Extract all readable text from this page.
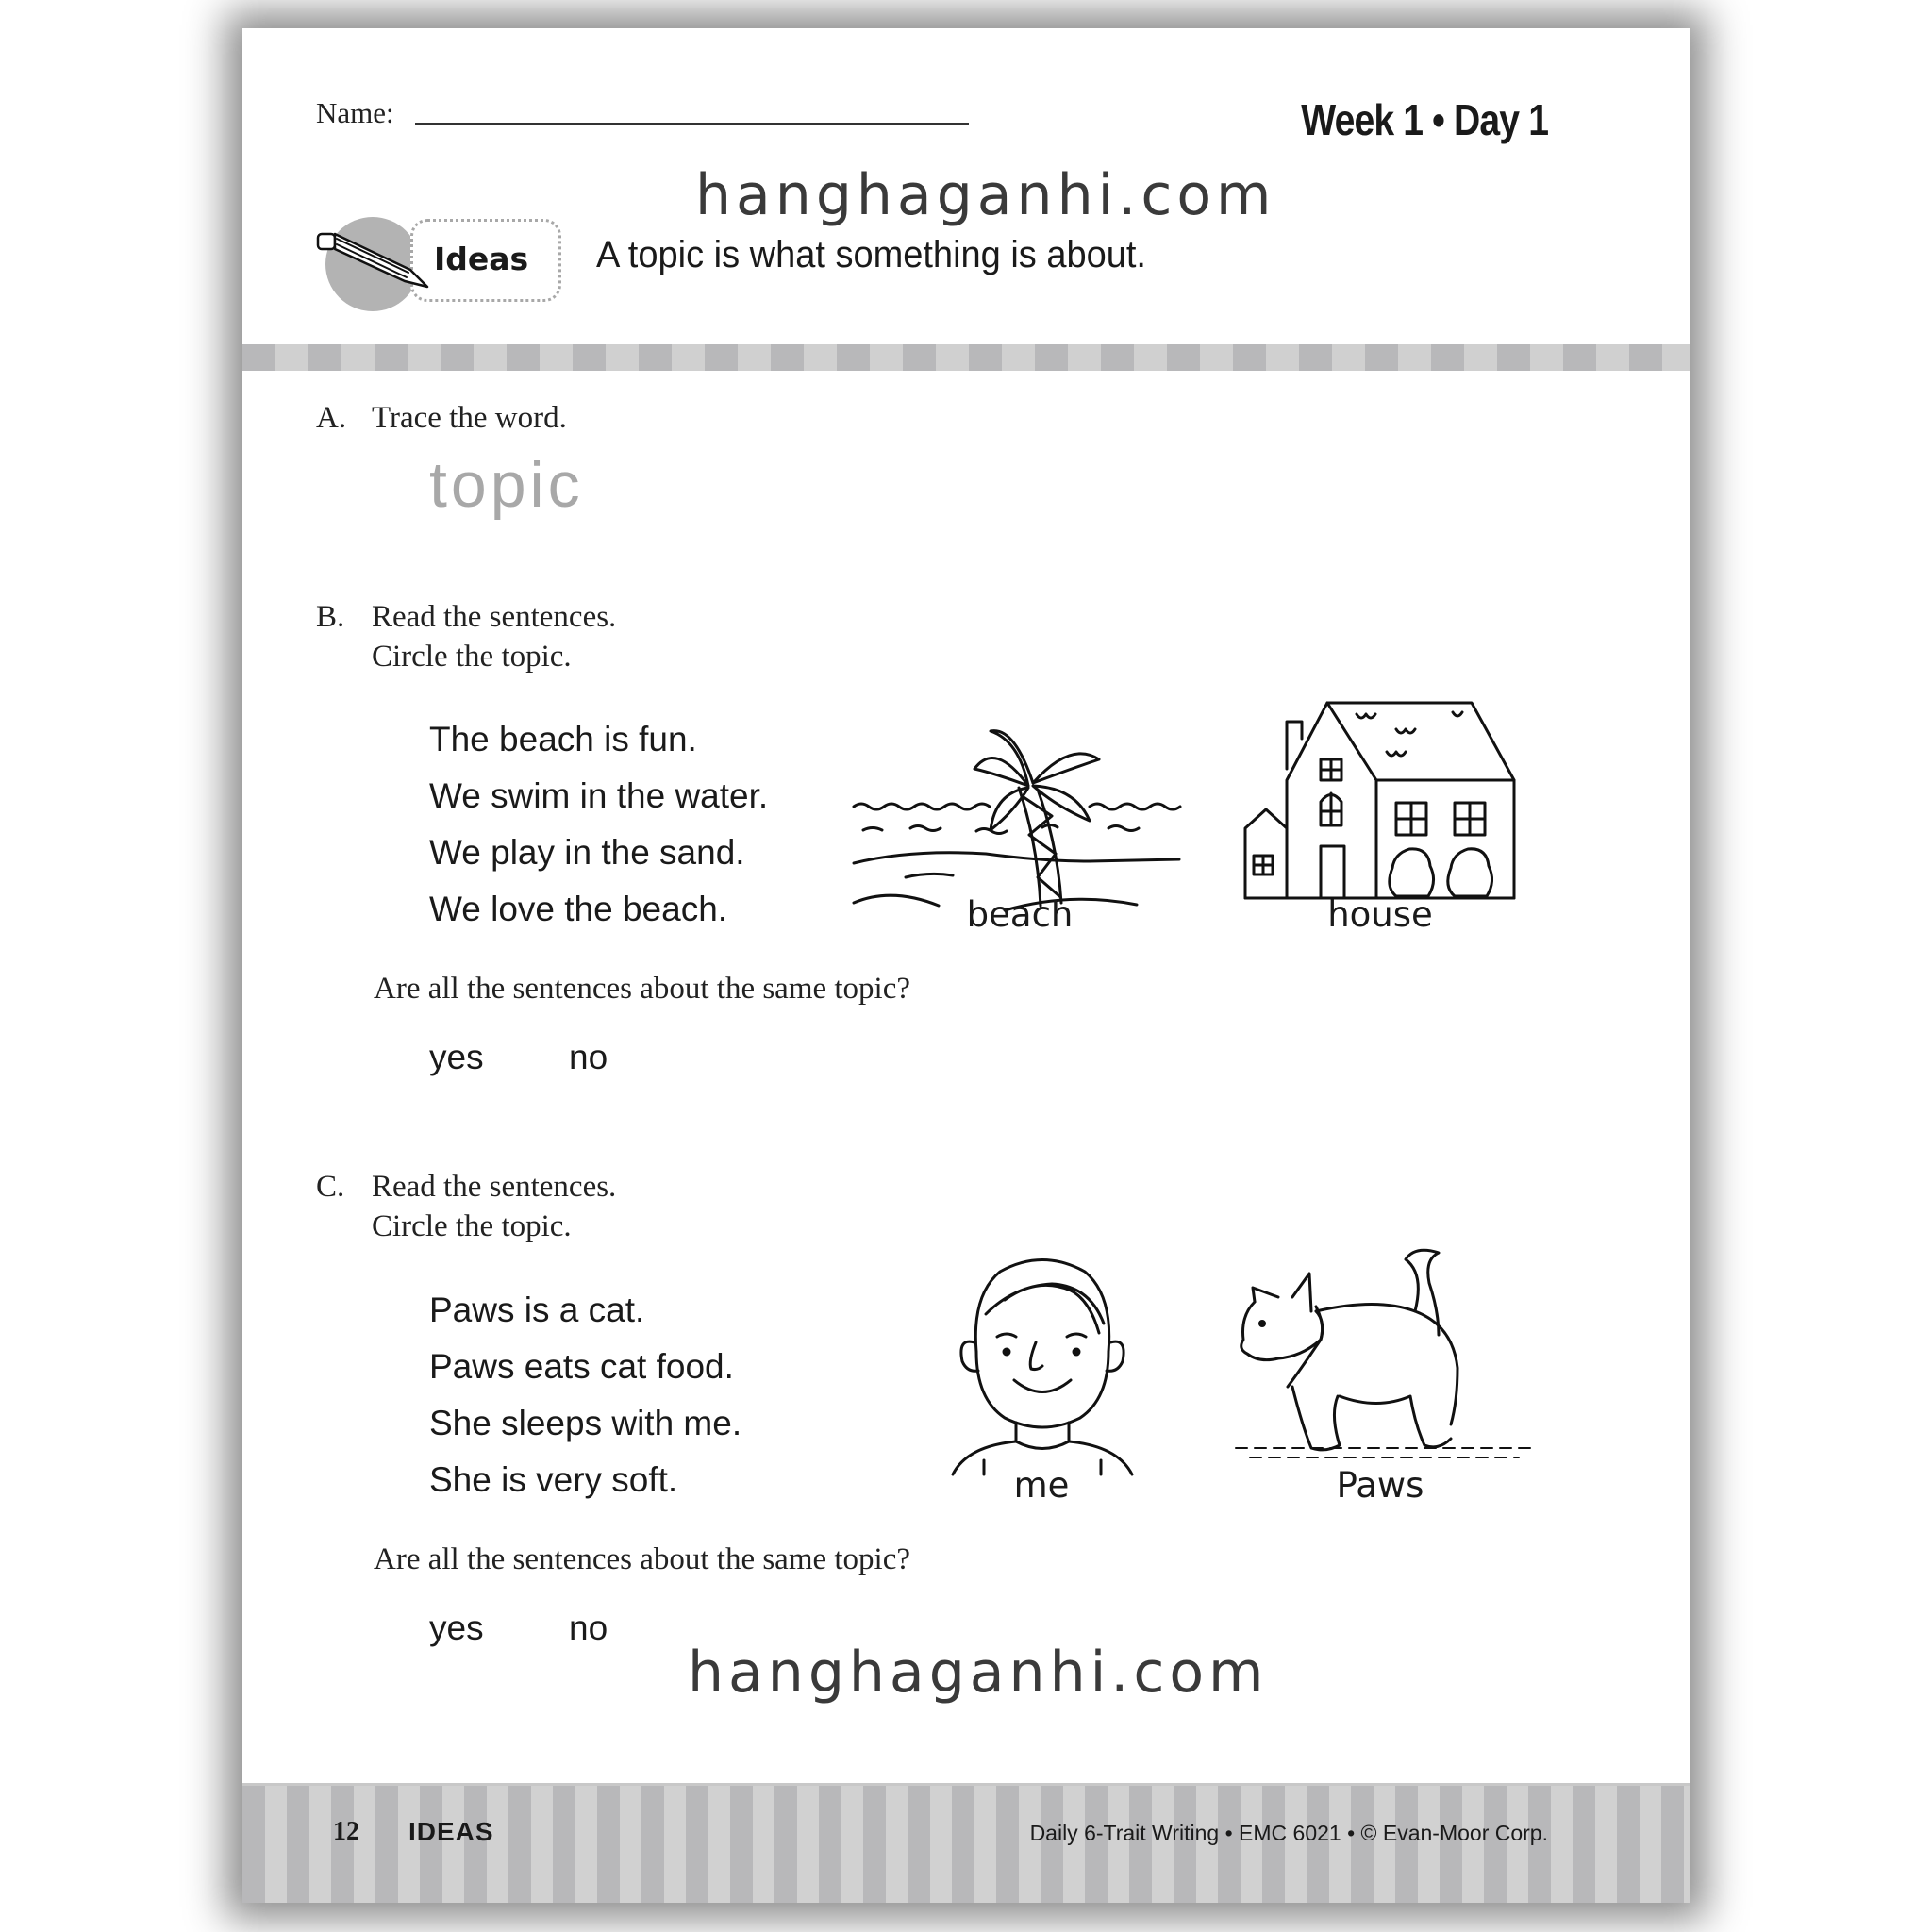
Name:	Week 1 • Day 1
hanghaganhi.com
Ideas A topic is what something is about.
A. Trace the word.
topic
B. Read the sentences.
Circle the topic.
The beach is fun.
We swim in the water.
We play in the sand.
We love the beach.	beach	house
Are all the sentences about the same topic?
yes no
C. Read the sentences.
Circle the topic.
Paws is a cat.
Paws eats cat food.
She sleeps with me.
She is very soft.	me	Paws
Are all the sentences about the same topic?
yes no
hanghaganhi.com
12 IDEAS	Daily 6-Trait Writing • EMC 6021 • © Evan-Moor Corp.
